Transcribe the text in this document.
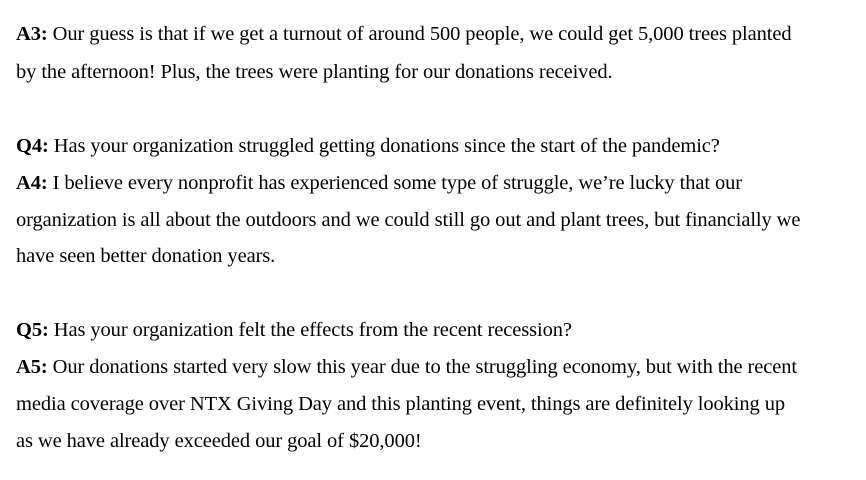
A3: Our guess is that if we get a turnout of around 500 people, we could get 5,000 trees planted
by the afternoon! Plus, the trees were planting for our donations received.
Q4: Has your organization struggled getting donations since the start of the pandemic?
A4: I believe every nonprofit has experienced some type of struggle, we’re lucky that our
organization is all about the outdoors and we could still go out and plant trees, but financially we
have seen better donation years.
Q5: Has your organization felt the effects from the recent recession?
A5: Our donations started very slow this year due to the struggling economy, but with the recent
media coverage over NTX Giving Day and this planting event, things are definitely looking up
as we have already exceeded our goal of $20,000!
